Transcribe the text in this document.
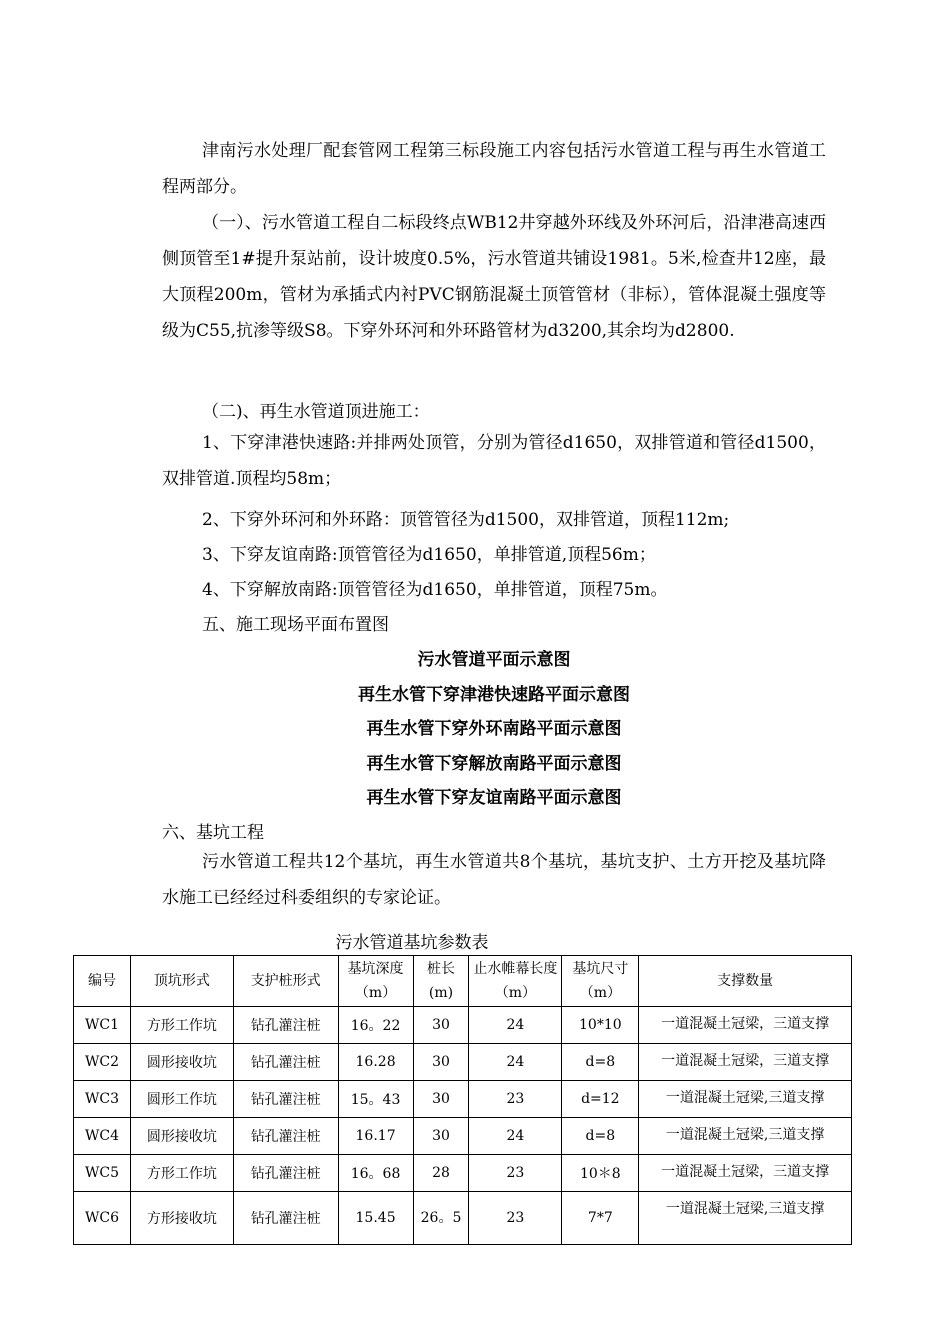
津南污水处理厂配套管网工程第三标段施工内容包括污水管道工程与再生水管道工程两部分。
（一）、污水管道工程自二标段终点WB12井穿越外环线及外环河后，沿津港高速西侧顶管至1#提升泵站前，设计坡度0.5%，污水管道共铺设1981。5米,检查井12座，最大顶程200m，管材为承插式内衬PVC钢筋混凝土顶管管材（非标），管体混凝土强度等级为C55,抗渗等级S8。下穿外环河和外环路管材为d3200,其余均为d2800.
（二)、再生水管道顶进施工：
1、下穿津港快速路:并排两处顶管，分别为管径d1650，双排管道和管径d1500，双排管道.顶程均58m；
2、下穿外环河和外环路：顶管管径为d1500，双排管道，顶程112m;
3、下穿友谊南路:顶管管径为d1650，单排管道,顶程56m；
4、下穿解放南路:顶管管径为d1650，单排管道，顶程75m。
五、施工现场平面布置图
污水管道平面示意图
再生水管下穿津港快速路平面示意图
再生水管下穿外环南路平面示意图
再生水管下穿解放南路平面示意图
再生水管下穿友谊南路平面示意图
六、基坑工程
污水管道工程共12个基坑，再生水管道共8个基坑，基坑支护、土方开挖及基坑降水施工已经经过科委组织的专家论证。
污水管道基坑参数表
编号	顶坑形式	支护桩形式	基坑深度（m）	桩长(m)	止水帷幕长度（m）	基坑尺寸（m）	支撑数量
WC1	方形工作坑	钻孔灌注桩	16。22	30	24	10*10	一道混凝土冠梁，三道支撑
WC2	圆形接收坑	钻孔灌注桩	16.28	30	24	d=8	一道混凝土冠梁，三道支撑
WC3	圆形工作坑	钻孔灌注桩	15。43	30	23	d=12	一道混凝土冠梁,三道支撑
WC4	圆形接收坑	钻孔灌注桩	16.17	30	24	d=8	一道混凝土冠梁,三道支撑
WC5	方形工作坑	钻孔灌注桩	16。68	28	23	10＊8	一道混凝土冠梁，三道支撑
WC6	方形接收坑	钻孔灌注桩	15.45	26。5	23	7*7	一道混凝土冠梁,三道支撑
